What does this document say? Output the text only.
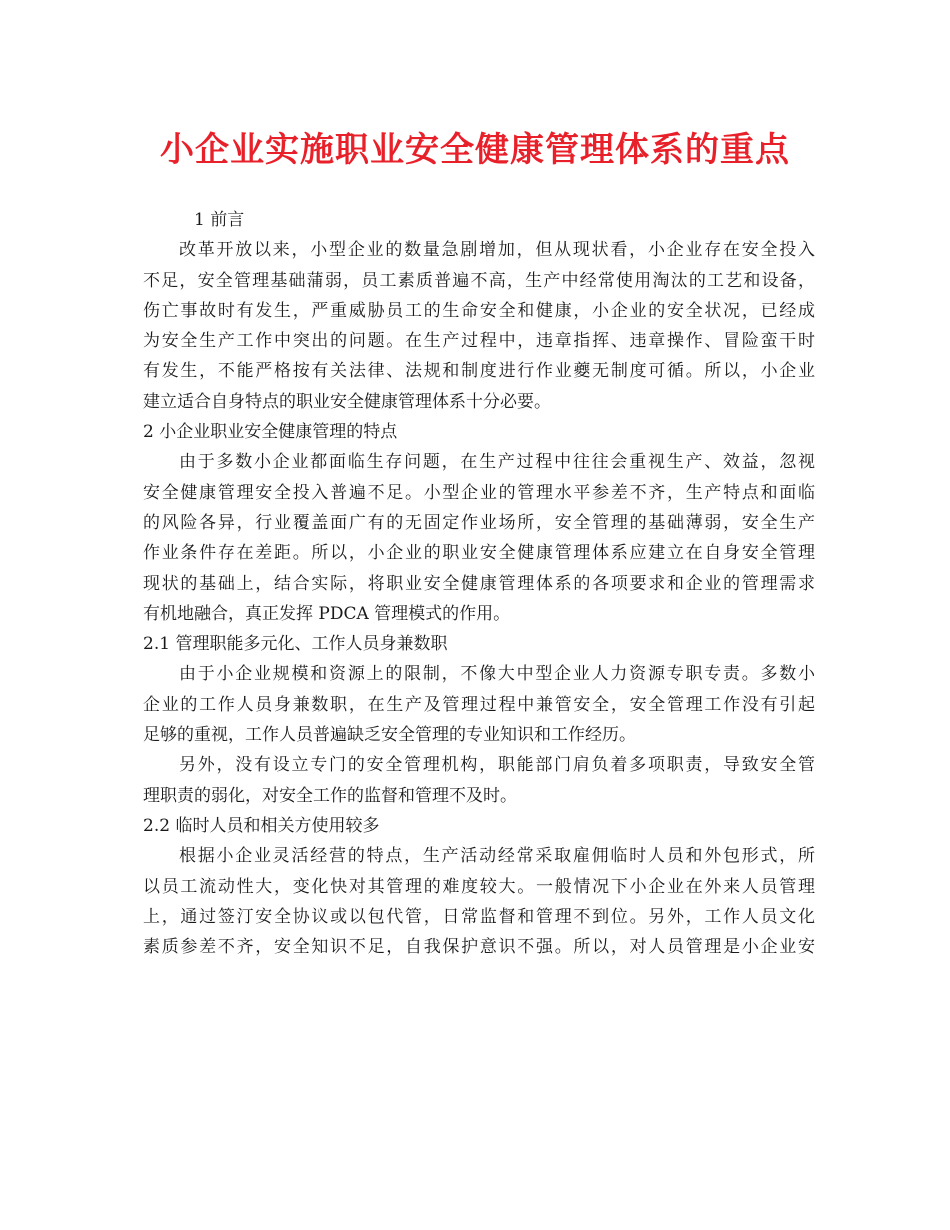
小企业实施职业安全健康管理体系的重点
1 前言
改革开放以来，小型企业的数量急剧增加，但从现状看，小企业存在安全投入
不足，安全管理基础蒲弱，员工素质普遍不高，生产中经常使用淘汰的工艺和设备，
伤亡事故时有发生，严重威胁员工的生命安全和健康，小企业的安全状况，已经成
为安全生产工作中突出的问题。在生产过程中，违章指挥、违章操作、冒险蛮干时
有发生，不能严格按有关法律、法规和制度进行作业夔无制度可循。所以，小企业
建立适合自身特点的职业安全健康管理体系十分必要。
2 小企业职业安全健康管理的特点
由于多数小企业都面临生存问题，在生产过程中往往会重视生产、效益，忽视
安全健康管理安全投入普遍不足。小型企业的管理水平参差不齐，生产特点和面临
的风险各异，行业覆盖面广有的无固定作业场所，安全管理的基础薄弱，安全生产
作业条件存在差距。所以，小企业的职业安全健康管理体系应建立在自身安全管理
现状的基础上，结合实际，将职业安全健康管理体系的各项要求和企业的管理需求
有机地融合，真正发挥 PDCA 管理模式的作用。
2.1 管理职能多元化、工作人员身兼数职
由于小企业规模和资源上的限制，不像大中型企业人力资源专职专责。多数小
企业的工作人员身兼数职，在生产及管理过程中兼管安全，安全管理工作没有引起
足够的重视，工作人员普遍缺乏安全管理的专业知识和工作经历。
另外，没有设立专门的安全管理机构，职能部门肩负着多项职责，导致安全管
理职责的弱化，对安全工作的监督和管理不及时。
2.2 临时人员和相关方使用较多
根据小企业灵活经营的特点，生产活动经常采取雇佣临时人员和外包形式，所
以员工流动性大，变化快对其管理的难度较大。一般情况下小企业在外来人员管理
上，通过签汀安全协议或以包代管，日常监督和管理不到位。另外，工作人员文化
素质参差不齐，安全知识不足，自我保护意识不强。所以，对人员管理是小企业安
